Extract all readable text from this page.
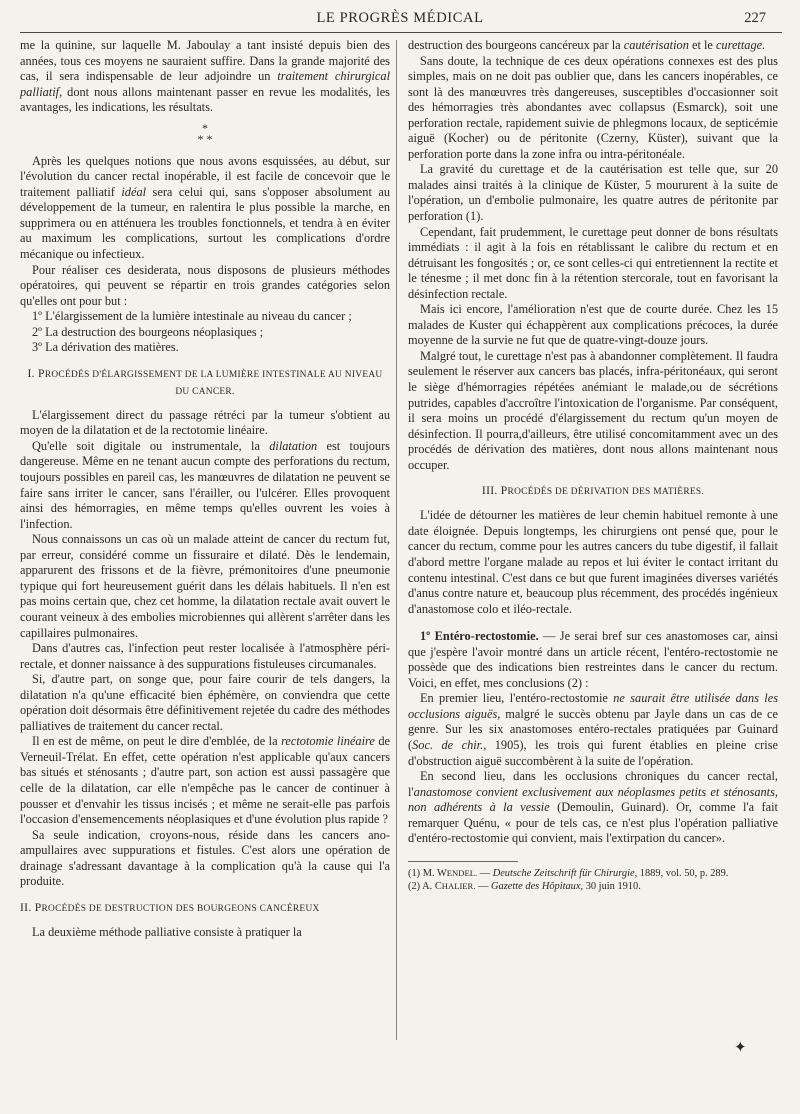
LE PROGRÈS MÉDICAL	227

me la quinine, sur laquelle M. Jaboulay a tant insisté depuis bien des années, tous ces moyens ne sauraient suffire. Dans la grande majorité des cas, il sera indispensable de leur adjoindre un traitement chirurgical palliatif, dont nous allons maintenant passer en revue les modalités, les avantages, les indications, les résultats.

*
* *

Après les quelques notions que nous avons esquissées, au début, sur l'évolution du cancer rectal inopérable, il est facile de concevoir que le traitement palliatif idéal sera celui qui, sans s'opposer absolument au développement de la tumeur, en ralentira le plus possible la marche, en supprimera ou en atténuera les troubles fonctionnels, et tendra à en éviter au maximum les complications, surtout les complications d'ordre mécanique ou infectieux.

Pour réaliser ces desiderata, nous disposons de plusieurs méthodes opératoires, qui peuvent se répartir en trois grandes catégories selon qu'elles ont pour but :

1º L'élargissement de la lumière intestinale au niveau du cancer ;

2º La destruction des bourgeons néoplasiques ;

3º La dérivation des matières.

I. PROCÉDÉS D'ÉLARGISSEMENT DE LA LUMIÈRE INTESTINALE AU NIVEAU DU CANCER.

L'élargissement direct du passage rétréci par la tumeur s'obtient au moyen de la dilatation et de la rectotomie linéaire.

Qu'elle soit digitale ou instrumentale, la dilatation est toujours dangereuse. Même en ne tenant aucun compte des perforations du rectum, toujours possibles en pareil cas, les manœuvres de dilatation ne peuvent se faire sans irriter le cancer, sans l'érailler, ou l'ulcérer. Elles provoquent ainsi des hémorragies, en même temps qu'elles ouvrent les voies à l'infection.

Nous connaissons un cas où un malade atteint de cancer du rectum fut, par erreur, considéré comme un fissuraire et dilaté. Dès le lendemain, apparurent des frissons et de la fièvre, prémonitoires d'une pneumonie typique qui fort heureusement guérit dans les délais habituels. Il n'en est pas moins certain que, chez cet homme, la dilatation rectale avait ouvert le courant veineux à des embolies microbiennes qui allèrent s'arrêter dans les capillaires pulmonaires.

Dans d'autres cas, l'infection peut rester localisée à l'atmosphère péri-rectale, et donner naissance à des suppurations fistuleuses circumanales.

Si, d'autre part, on songe que, pour faire courir de tels dangers, la dilatation n'a qu'une efficacité bien éphémère, on conviendra que cette opération doit désormais être définitivement rejetée du cadre des méthodes palliatives de traitement du cancer rectal.

Il en est de même, on peut le dire d'emblée, de la rectotomie linéaire de Verneuil-Trélat. En effet, cette opération n'est applicable qu'aux cancers bas situés et sténosants ; d'autre part, son action est aussi passagère que celle de la dilatation, car elle n'empêche pas le cancer de continuer à pousser et d'envahir les tissus incisés ; et même ne serait-elle pas parfois l'occasion d'ensemencements néoplasiques et d'une évolution plus rapide ?

Sa seule indication, croyons-nous, réside dans les cancers ano-ampullaires avec suppurations et fistules. C'est alors une opération de drainage s'adressant davantage à la complication qu'à la cause qui l'a produite.

II. PROCÉDÉS DE DESTRUCTION DES BOURGEONS CANCÉREUX

La deuxième méthode palliative consiste à pratiquer la

destruction des bourgeons cancéreux par la cautérisation et le curettage.

Sans doute, la technique de ces deux opérations connexes est des plus simples, mais on ne doit pas oublier que, dans les cancers inopérables, ce sont là des manœuvres très dangereuses, susceptibles d'occasionner soit des hémorragies très abondantes avec collapsus (Esmarck), soit une perforation rectale, rapidement suivie de phlegmons locaux, de septicémie aiguë (Kocher) ou de péritonite (Czerny, Küster), suivant que la perforation porte dans la zone infra ou intra-péritonéale.

La gravité du curettage et de la cautérisation est telle que, sur 20 malades ainsi traités à la clinique de Küster, 5 moururent à la suite de l'opération, un d'embolie pulmonaire, les quatre autres de péritonite par perforation (1).

Cependant, fait prudemment, le curettage peut donner de bons résultats immédiats : il agit à la fois en rétablissant le calibre du rectum et en détruisant les fongosités ; or, ce sont celles-ci qui entretiennent la rectite et le ténesme ; il met donc fin à la rétention stercorale, tout en favorisant la désinfection rectale.

Mais ici encore, l'amélioration n'est que de courte durée. Chez les 15 malades de Kuster qui échappèrent aux complications précoces, la durée moyenne de la survie ne fut que de quatre-vingt-douze jours.

Malgré tout, le curettage n'est pas à abandonner complètement. Il faudra seulement le réserver aux cancers bas placés, infra-péritonéaux, qui seront le siège d'hémorragies répétées anémiant le malade,ou de sécrétions putrides, capables d'accroître l'intoxication de l'organisme. Par conséquent, il sera moins un procédé d'élargissement du rectum qu'un moyen de désinfection. Il pourra,d'ailleurs, être utilisé concomitamment avec un des procédés de dérivation des matières, dont nous allons maintenant nous occuper.

III. PROCÉDÉS DE DÉRIVATION DES MATIÈRES.

L'idée de détourner les matières de leur chemin habituel remonte à une date éloignée. Depuis longtemps, les chirurgiens ont pensé que, pour le cancer du rectum, comme pour les autres cancers du tube digestif, il fallait d'abord mettre l'organe malade au repos et lui éviter le contact irritant du contenu intestinal. C'est dans ce but que furent imaginées diverses variétés d'anus contre nature et, beaucoup plus récemment, des procédés ingénieux d'anastomose colo et iléo-rectale.

1º Entéro-rectostomie. — Je serai bref sur ces anastomoses car, ainsi que j'espère l'avoir montré dans un article récent, l'entéro-rectostomie ne possède que des indications bien restreintes dans le cancer du rectum. Voici, en effet, mes conclusions (2) :

En premier lieu, l'entéro-rectostomie ne saurait être utilisée dans les occlusions aiguës, malgré le succès obtenu par Jayle dans un cas de ce genre. Sur les six anastomoses entéro-rectales pratiquées par Guinard (Soc. de chir., 1905), les trois qui furent établies en pleine crise d'obstruction aiguë succombèrent à la suite de l'opération.

En second lieu, dans les occlusions chroniques du cancer rectal, l'anastomose convient exclusivement aux néoplasmes petits et sténosants, non adhérents à la vessie (Demoulin, Guinard). Or, comme l'a fait remarquer Quénu, « pour de tels cas, ce n'est plus l'opération palliative d'entéro-rectostomie qui convient, mais l'extirpation du cancer».

(1) M. WENDEL. — Deutsche Zeitschrift für Chirurgie, 1889, vol. 50, p. 289.

(2) A. CHALIER. — Gazette des Hôpitaux, 30 juin 1910.

✦
